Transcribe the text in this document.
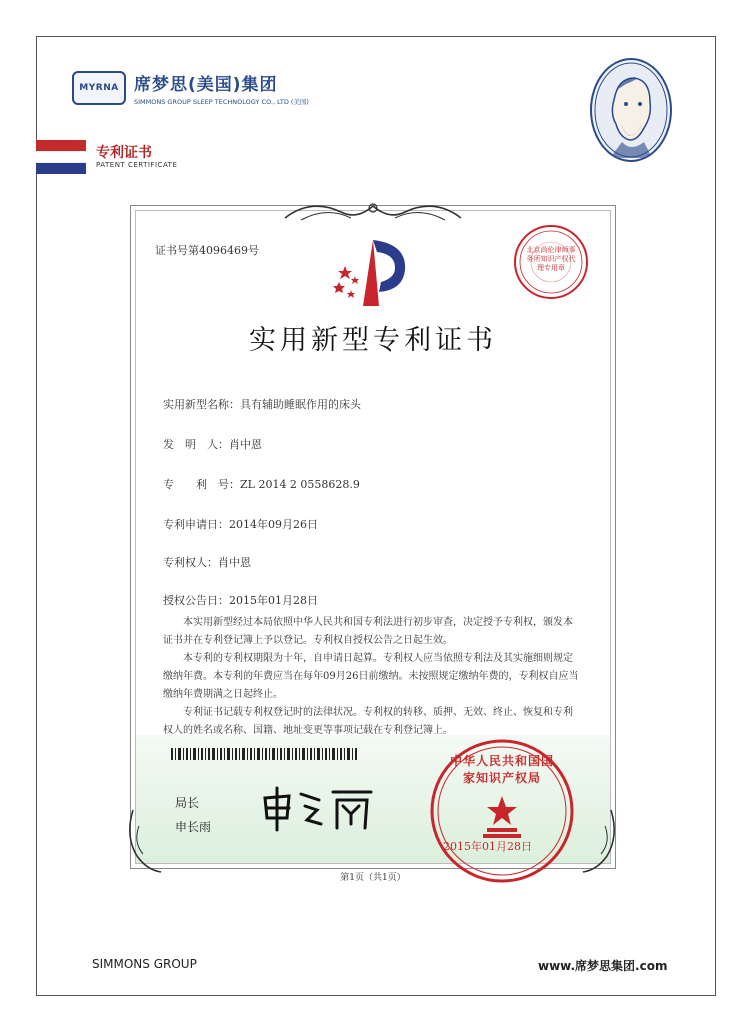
MYRNA 席梦思(美国)集团
SIMMONS GROUP SLEEP TECHNOLOGY CO., LTD (美国)
专利证书
PATENT CERTIFICATE
证书号第4096469号	北京尚伦律师事务所知识产权代理专用章
实用新型专利证书
实用新型名称：具有辅助睡眠作用的床头
发　明　人：肖中恩
专　　利　号：ZL 2014 2 0558628.9
专利申请日：2014年09月26日
专利权人：肖中恩
授权公告日：2015年01月28日

本实用新型经过本局依照中华人民共和国专利法进行初步审查，决定授予专利权，颁发本证书并在专利登记簿上予以登记。专利权自授权公告之日起生效。

本专利的专利权期限为十年，自申请日起算。专利权人应当依照专利法及其实施细则规定缴纳年费。本专利的年费应当在每年09月26日前缴纳。未按照规定缴纳年费的，专利权自应当缴纳年费期满之日起终止。

专利证书记载专利权登记时的法律状况。专利权的转移、质押、无效、终止、恢复和专利权人的姓名或名称、国籍、地址变更等事项记载在专利登记簿上。

局长
申长雨
中华人民共和国国家知识产权局
2015年01月28日
第1页（共1页）
SIMMONS GROUP	www.席梦思集团.com
